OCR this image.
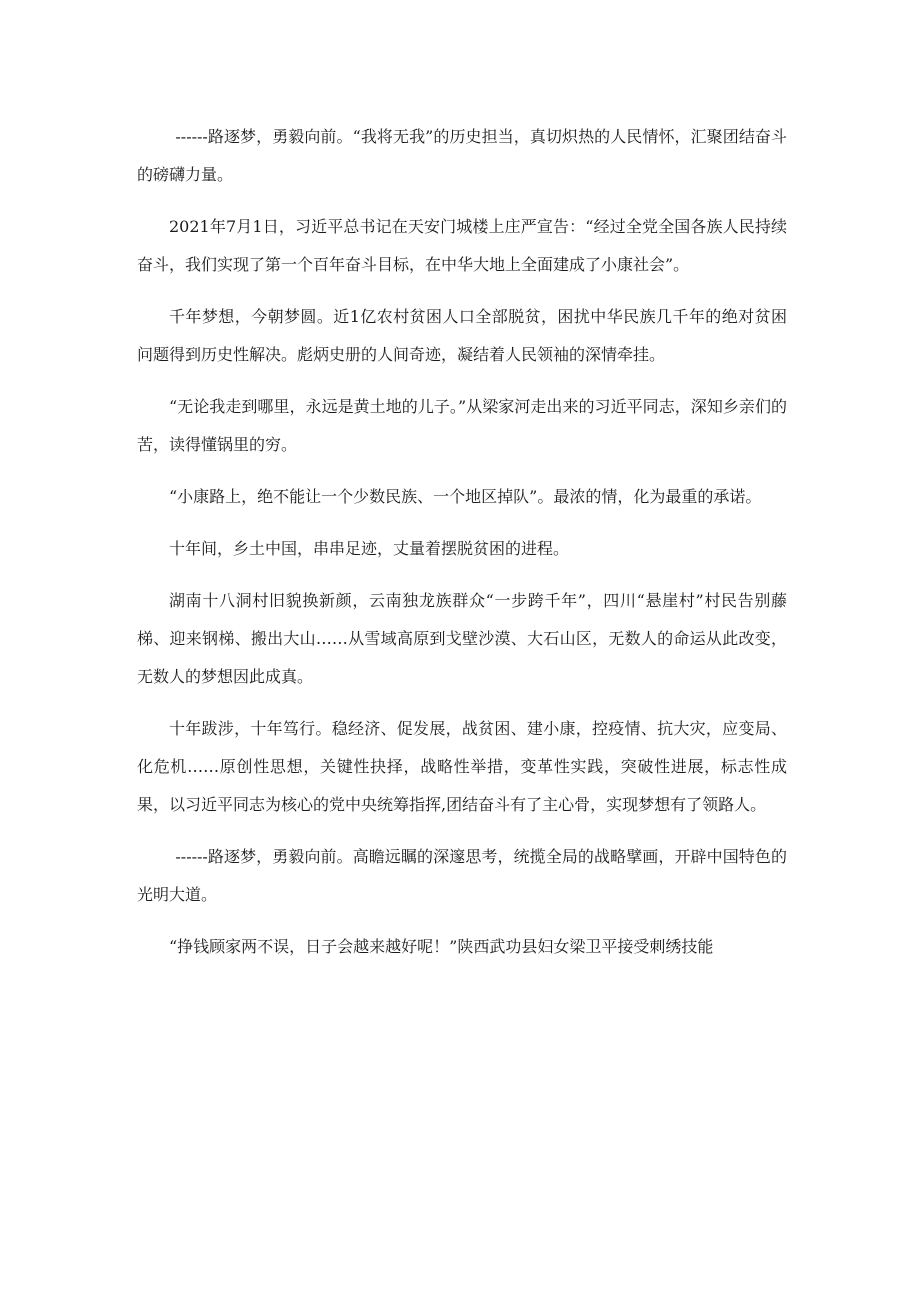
------路逐梦，勇毅向前。“我将无我”的历史担当，真切炽热的人民情怀，汇聚团结奋斗的磅礴力量。

2021年7月1日，习近平总书记在天安门城楼上庄严宣告：“经过全党全国各族人民持续奋斗，我们实现了第一个百年奋斗目标，在中华大地上全面建成了小康社会”。

千年梦想，今朝梦圆。近1亿农村贫困人口全部脱贫，困扰中华民族几千年的绝对贫困问题得到历史性解决。彪炳史册的人间奇迹，凝结着人民领袖的深情牵挂。

“无论我走到哪里，永远是黄土地的儿子。”从梁家河走出来的习近平同志，深知乡亲们的苦，读得懂锅里的穷。

“小康路上，绝不能让一个少数民族、一个地区掉队”。最浓的情，化为最重的承诺。

十年间，乡土中国，串串足迹，丈量着摆脱贫困的进程。

湖南十八洞村旧貌换新颜，云南独龙族群众“一步跨千年”，四川“悬崖村”村民告别藤梯、迎来钢梯、搬出大山……从雪域高原到戈壁沙漠、大石山区，无数人的命运从此改变，无数人的梦想因此成真。

十年跋涉，十年笃行。稳经济、促发展，战贫困、建小康，控疫情、抗大灾，应变局、化危机……原创性思想，关键性抉择，战略性举措，变革性实践，突破性进展，标志性成果，以习近平同志为核心的党中央统筹指挥,团结奋斗有了主心骨，实现梦想有了领路人。

------路逐梦，勇毅向前。高瞻远瞩的深邃思考，统揽全局的战略擘画，开辟中国特色的光明大道。

“挣钱顾家两不误，日子会越来越好呢！”陕西武功县妇女梁卫平接受刺绣技能
